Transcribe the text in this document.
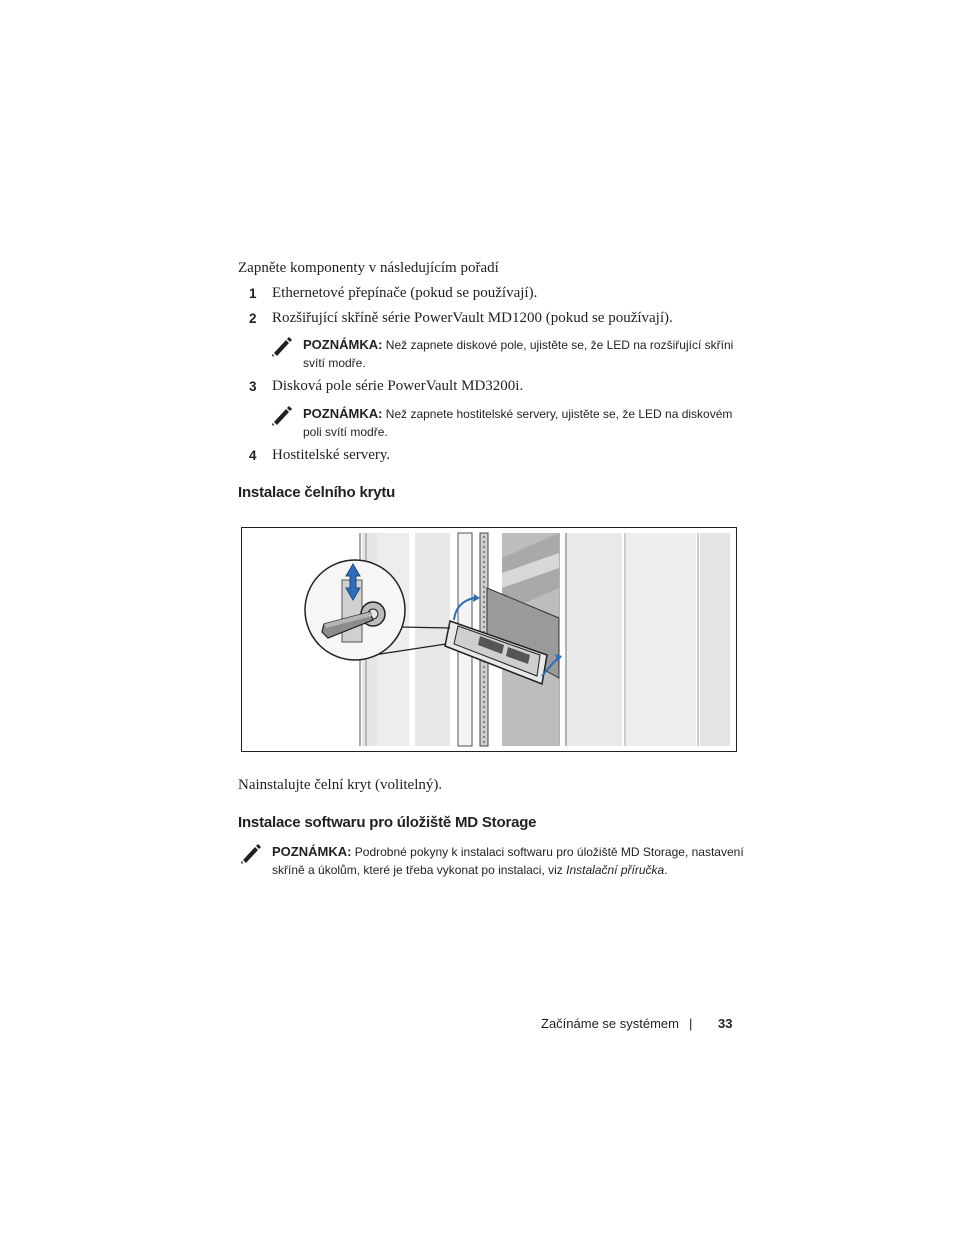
Zapněte komponenty v následujícím pořadí
1 Ethernetové přepínače (pokud se používají).
2 Rozšiřující skříně série PowerVault MD1200 (pokud se používají).
POZNÁMKA: Než zapnete diskové pole, ujistěte se, že LED na rozšiřující skříni
svítí modře.
3 Disková pole série PowerVault MD3200i.
POZNÁMKA: Než zapnete hostitelské servery, ujistěte se, že LED na diskovém
poli svítí modře.
4 Hostitelské servery.
Instalace čelního krytu
Nainstalujte čelní kryt (volitelný).
Instalace softwaru pro úložiště MD Storage
POZNÁMKA: Podrobné pokyny k instalaci softwaru pro úložiště MD Storage, nastavení
skříně a úkolům, které je třeba vykonat po instalaci, viz Instalační příručka.
Začínáme se systémem | 33
